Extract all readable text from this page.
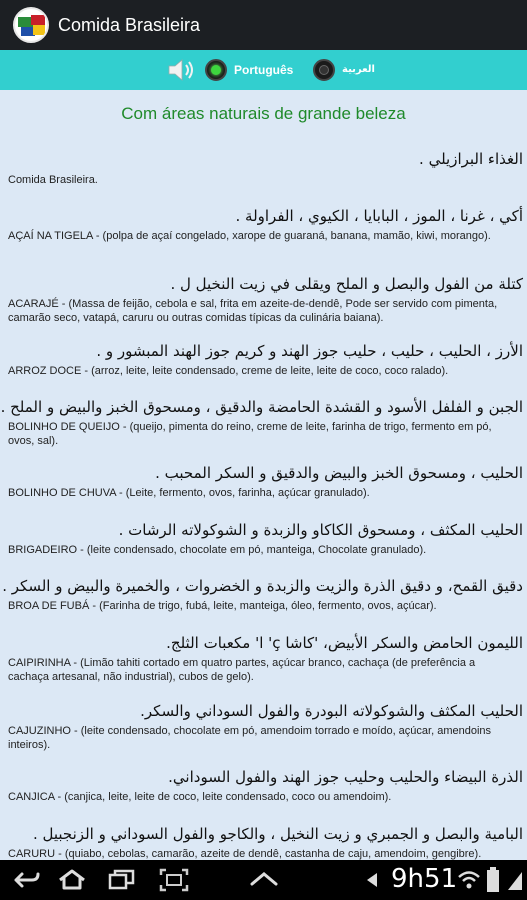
Comida Brasileira
Português	العربية
Com áreas naturais de grande beleza
الغذاء البرازيلي .
Comida Brasileira.
أكي ، غرنا ، الموز ، البابايا ، الكيوي ، الفراولة .
AÇAÍ NA TIGELA - (polpa de açaí congelado, xarope de guaraná, banana, mamão, kiwi, morango).
كتلة من الفول والبصل و الملح ويقلى في زيت النخيل ل .
ACARAJÉ - (Massa de feijão, cebola e sal, frita em azeite-de-dendê, Pode ser servido com pimenta, camarão seco, vatapá, caruru ou outras comidas típicas da culinária baiana).
الأرز ، الحليب ، حليب ، حليب جوز الهند و كريم جوز الهند المبشور و .
ARROZ DOCE - (arroz, leite, leite condensado, creme de leite, leite de coco, coco ralado).
الجبن و الفلفل الأسود و القشدة الحامضة والدقيق ، ومسحوق الخبز والبيض و الملح .
BOLINHO DE QUEIJO - (queijo, pimenta do reino, creme de leite, farinha de trigo, fermento em pó, ovos, sal).
الحليب ، ومسحوق الخبز والبيض والدقيق و السكر المحبب .
BOLINHO DE CHUVA - (Leite, fermento, ovos, farinha, açúcar granulado).
الحليب المكثف ، ومسحوق الكاكاو والزبدة و الشوكولاته الرشات .
BRIGADEIRO - (leite condensado, chocolate em pó, manteiga, Chocolate granulado).
دقيق القمح، و دقيق الذرة والزيت والزبدة و الخضروات ، والخميرة والبيض و السكر .
BROA DE FUBÁ - (Farinha de trigo, fubá, leite, manteiga, óleo, fermento, ovos, açúcar).
الليمون الحامض والسكر الأبيض، 'كاشا ç' ا' مكعبات الثلج.
CAIPIRINHA - (Limão tahiti cortado em quatro partes, açúcar branco, cachaça (de preferência a cachaça artesanal, não industrial), cubos de gelo).
الحليب المكثف والشوكولاته البودرة والفول السوداني والسكر.
CAJUZINHO - (leite condensado, chocolate em pó, amendoim torrado e moído, açúcar, amendoins inteiros).
الذرة البيضاء والحليب وحليب جوز الهند والفول السوداني.
CANJICA - (canjica, leite, leite de coco, leite condensado, coco ou amendoim).
البامية والبصل و الجمبري و زيت النخيل ، والكاجو والفول السوداني و الزنجبيل .
CARURU - (quiabo, cebolas, camarão, azeite de dendê, castanha de caju, amendoim, gengibre).
9h51
